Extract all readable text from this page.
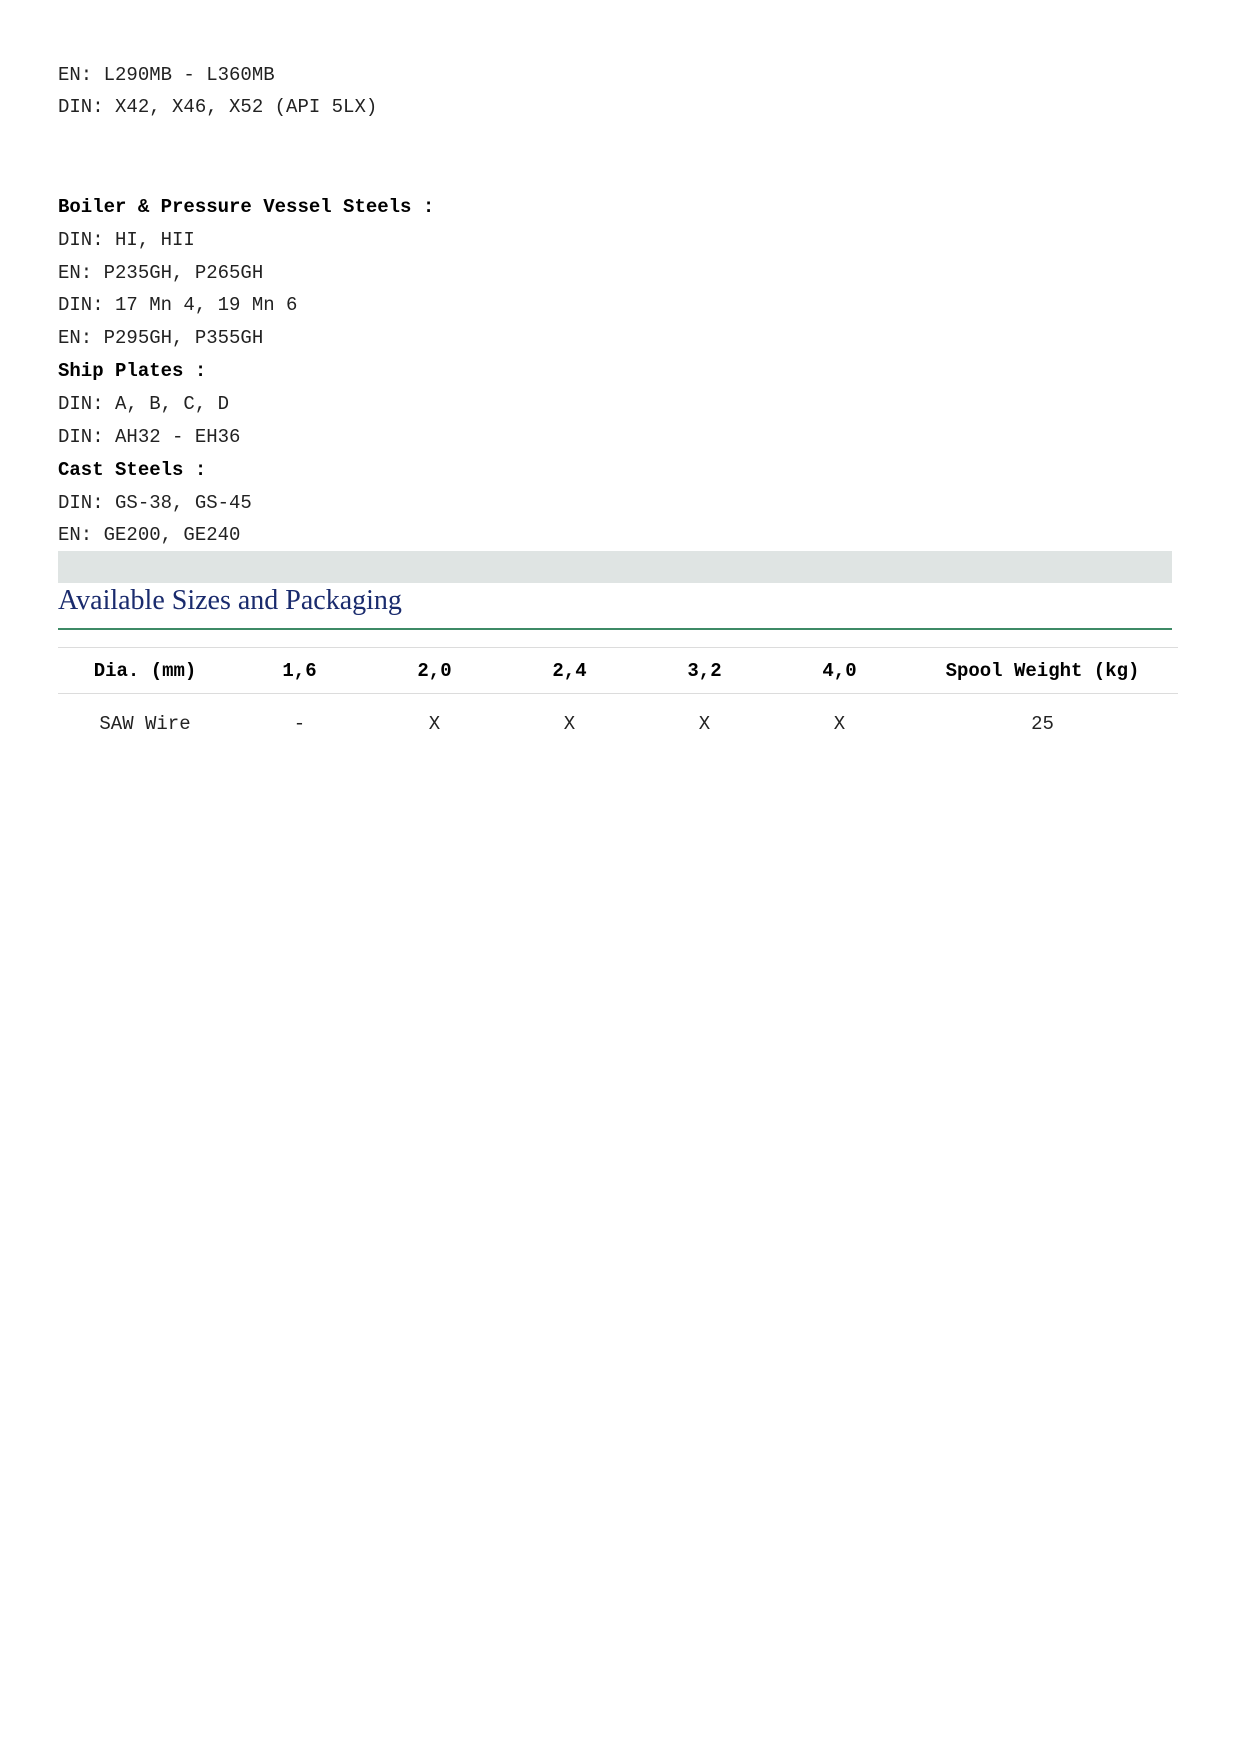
EN: L290MB - L360MB
DIN: X42, X46, X52 (API 5LX)
Boiler & Pressure Vessel Steels :
DIN: HI, HII
EN: P235GH, P265GH
DIN: 17 Mn 4, 19 Mn 6
EN: P295GH, P355GH
Ship Plates :
DIN: A, B, C, D
DIN: AH32 - EH36
Cast Steels :
DIN: GS-38, GS-45
EN: GE200, GE240
Available Sizes and Packaging
Dia. (mm)	1,6	2,0	2,4	3,2	4,0	Spool Weight (kg)
SAW Wire	-	X	X	X	X	25
